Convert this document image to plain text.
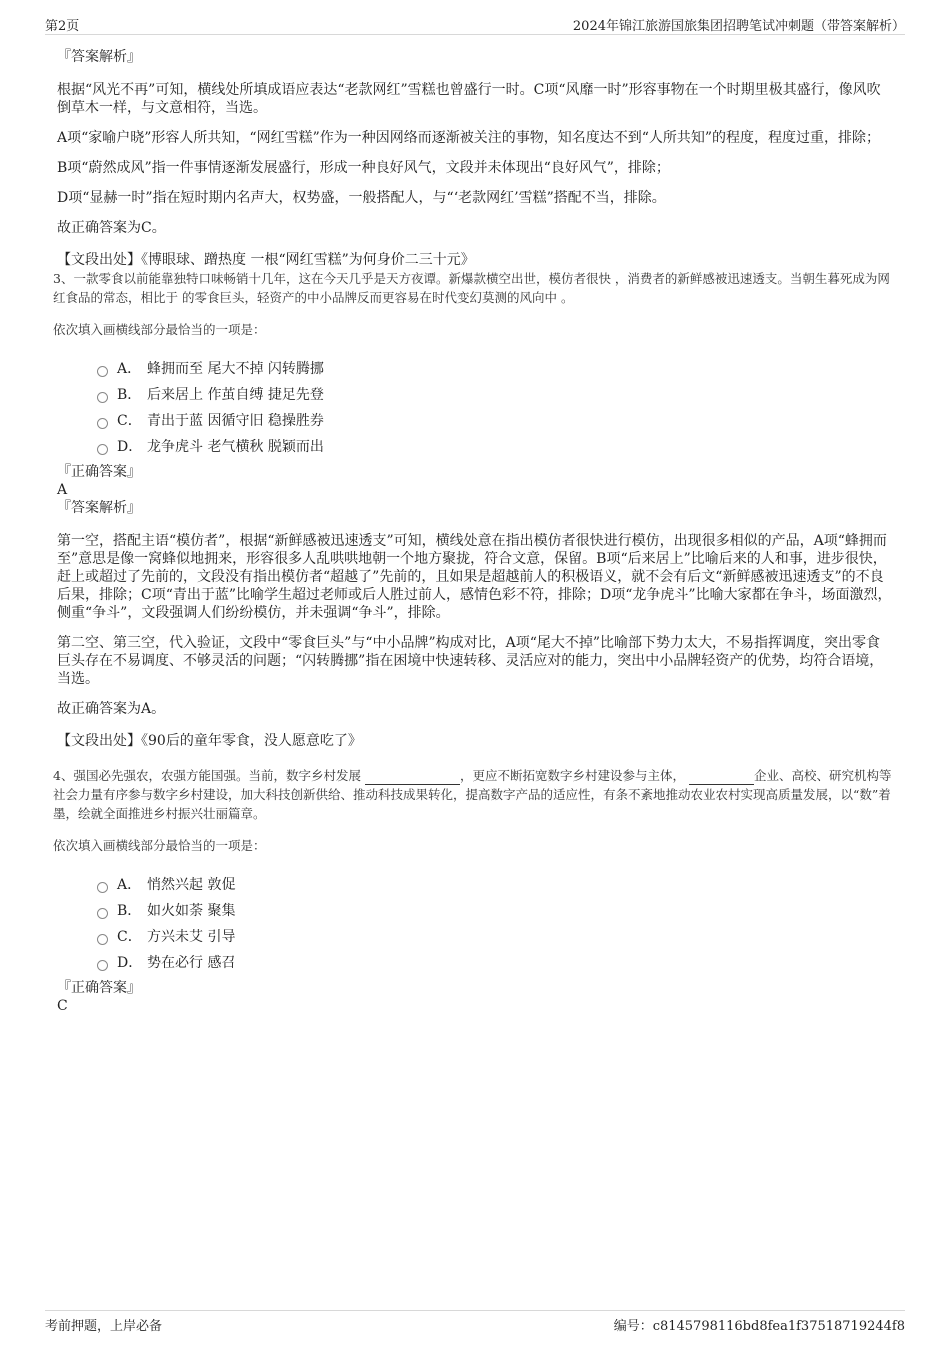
第2页	2024年锦江旅游国旅集团招聘笔试冲刺题（带答案解析）
『答案解析』

根据“风光不再”可知，横线处所填成语应表达“老款网红”雪糕也曾盛行一时。C项“风靡一时”形容事物在一个时期里极其盛行，像风吹倒草木一样，与文意相符，当选。

A项“家喻户晓”形容人所共知，“网红雪糕”作为一种因网络而逐渐被关注的事物，知名度达不到“人所共知”的程度，程度过重，排除；

B项“蔚然成风”指一件事情逐渐发展盛行，形成一种良好风气，文段并未体现出“良好风气”，排除；

D项“显赫一时”指在短时期内名声大，权势盛，一般搭配人，与“‘老款网红’雪糕”搭配不当，排除。

故正确答案为C。

【文段出处】《博眼球、蹭热度 一根“网红雪糕”为何身价二三十元》

3、一款零食以前能靠独特口味畅销十几年，这在今天几乎是天方夜谭。新爆款横空出世，模仿者很快 ，消费者的新鲜感被迅速透支。当朝生暮死成为网红食品的常态，相比于 的零食巨头，轻资产的中小品牌反而更容易在时代变幻莫测的风向中 。
依次填入画横线部分最恰当的一项是：
A． 蜂拥而至 尾大不掉 闪转腾挪
B． 后来居上 作茧自缚 捷足先登
C． 青出于蓝 因循守旧 稳操胜券
D． 龙争虎斗 老气横秋 脱颖而出
『正确答案』
A
『答案解析』

第一空，搭配主语“模仿者”，根据“新鲜感被迅速透支”可知，横线处意在指出模仿者很快进行模仿，出现很多相似的产品，A项“蜂拥而至”意思是像一窝蜂似地拥来，形容很多人乱哄哄地朝一个地方聚拢，符合文意，保留。B项“后来居上”比喻后来的人和事，进步很快，赶上或超过了先前的，文段没有指出模仿者“超越了”先前的，且如果是超越前人的积极语义，就不会有后文“新鲜感被迅速透支”的不良后果，排除；C项“青出于蓝”比喻学生超过老师或后人胜过前人，感情色彩不符，排除；D项“龙争虎斗”比喻大家都在争斗，场面激烈，侧重“争斗”，文段强调人们纷纷模仿，并未强调“争斗”，排除。

第二空、第三空，代入验证，文段中“零食巨头”与“中小品牌”构成对比，A项“尾大不掉”比喻部下势力太大，不易指挥调度，突出零食巨头存在不易调度、不够灵活的问题；“闪转腾挪”指在困境中快速转移、灵活应对的能力，突出中小品牌轻资产的优势，均符合语境，当选。

故正确答案为A。

【文段出处】《90后的童年零食，没人愿意吃了》

4、强国必先强农，农强方能国强。当前，数字乡村发展	，更应不断拓宽数字乡村建设参与主体，	企业、高校、研究机构等社会力量有序参与数字乡村建设，加大科技创新供给、推动科技成果转化，提高数字产品的适应性，有条不紊地推动农业农村实现高质量发展，以“数”着墨，绘就全面推进乡村振兴壮丽篇章。
依次填入画横线部分最恰当的一项是：
A． 悄然兴起 敦促
B． 如火如荼 聚集
C． 方兴未艾 引导
D． 势在必行 感召
『正确答案』
C
考前押题，上岸必备	编号：c8145798116bd8fea1f37518719244f8
